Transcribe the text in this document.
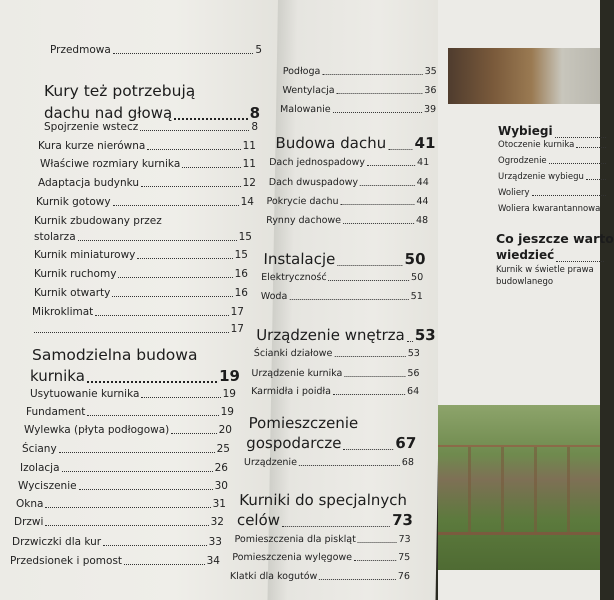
Przedmowa	5
Kury też potrzebują
dachu nad głową	8
Spojrzenie wstecz	8
Kura kurze nierówna	11
Właściwe rozmiary kurnika	11
Adaptacja budynku	12
Kurnik gotowy	14
Kurnik zbudowany przez
stolarza	15
Kurnik miniaturowy	15
Kurnik ruchomy	16
Kurnik otwarty	16
Mikroklimat	17
17
Samodzielna budowa
kurnika	19
Usytuowanie kurnika	19
Fundament	19
Wylewka (płyta podłogowa)	20
Ściany	25
Izolacja	26
Wyciszenie	30
Okna	31
Drzwi	32
Drzwiczki dla kur	33
Przedsionek i pomost	34
Podłoga	35
Wentylacja	36
Malowanie	39
Budowa dachu 41
Dach jednospadowy	41
Dach dwuspadowy	44
Pokrycie dachu	44
Rynny dachowe	48
Instalacje	50
Elektryczność	50
Woda	51
Urządzenie wnętrza 53
Ścianki działowe	53
Urządzenie kurnika	56
Karmidła i poidła	64
Pomieszczenie
gospodarcze	67
Urządzenie	68
Kurniki do specjalnych
celów	73
Pomieszczenia dla piskląt	73
Pomieszczenia wylęgowe	75
Klatki dla kogutów	76
Wybiegi
Otoczenie kurnika
Ogrodzenie
Urządzenie wybiegu
Woliery
Woliera kwarantannowa
Co jeszcze warto
wiedzieć
Kurnik w świetle prawa
budowlanego
